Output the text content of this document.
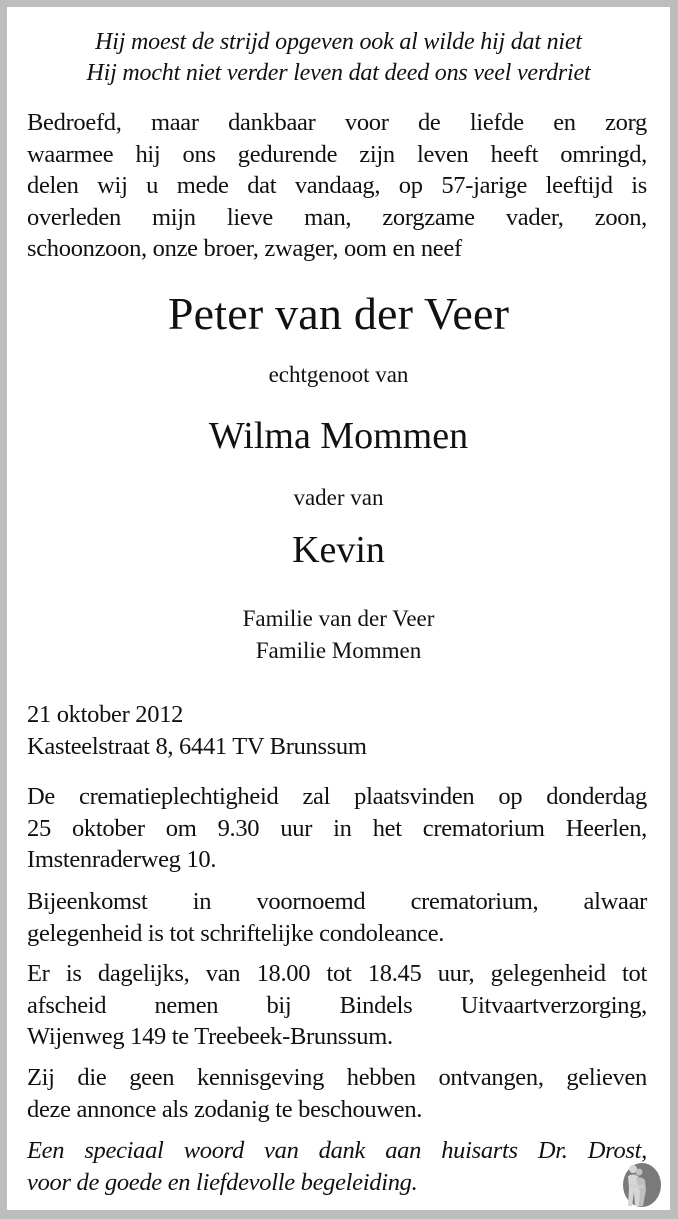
Hij moest de strijd opgeven ook al wilde hij dat niet
Hij mocht niet verder leven dat deed ons veel verdriet
Bedroefd, maar dankbaar voor de liefde en zorg
waarmee hij ons gedurende zijn leven heeft omringd,
delen wij u mede dat vandaag, op 57-jarige leeftijd is
overleden mijn lieve man, zorgzame vader, zoon,
schoonzoon, onze broer, zwager, oom en neef
Peter van der Veer
echtgenoot van
Wilma Mommen
vader van
Kevin
Familie van der Veer
Familie Mommen
21 oktober 2012
Kasteelstraat 8, 6441 TV Brunssum
De crematieplechtigheid zal plaatsvinden op donderdag
25 oktober om 9.30 uur in het crematorium Heerlen,
Imstenraderweg 10.
Bijeenkomst in voornoemd crematorium, alwaar
gelegenheid is tot schriftelijke condoleance.
Er is dagelijks, van 18.00 tot 18.45 uur, gelegenheid tot
afscheid nemen bij Bindels Uitvaartverzorging,
Wijenweg 149 te Treebeek-Brunssum.
Zij die geen kennisgeving hebben ontvangen, gelieven
deze annonce als zodanig te beschouwen.
Een speciaal woord van dank aan huisarts Dr. Drost,
voor de goede en liefdevolle begeleiding.
